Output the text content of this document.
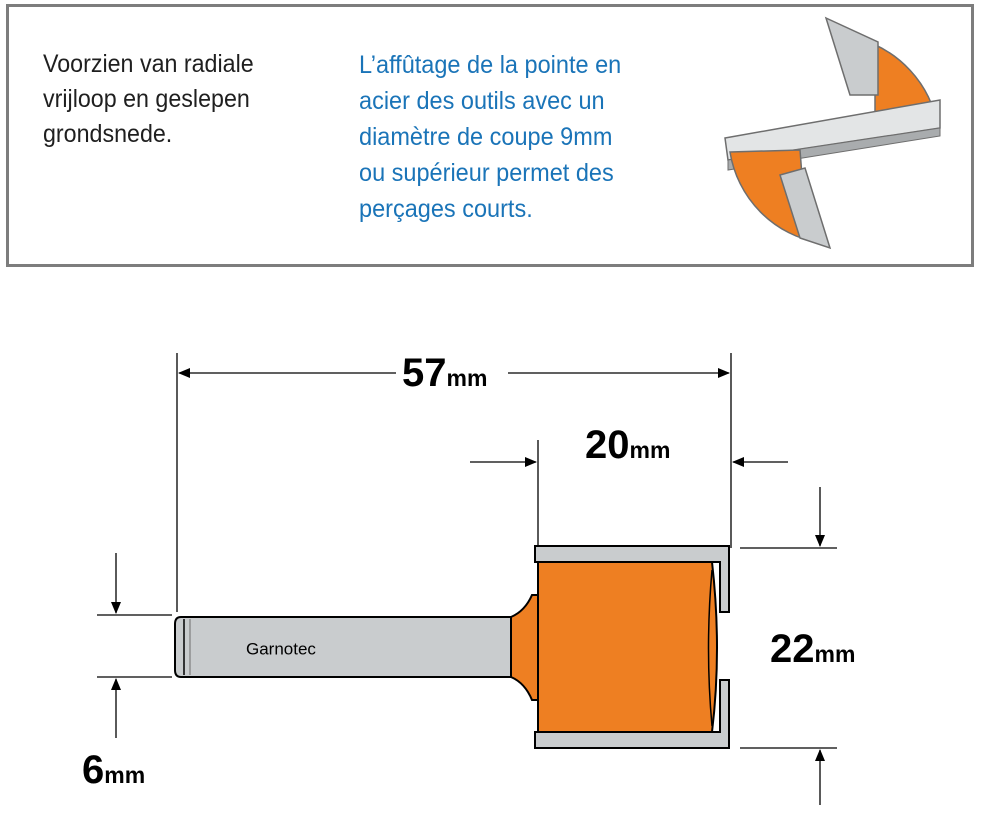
Voorzien van radiale
vrijloop en geslepen
grondsnede.
L’affûtage de la pointe en
acier des outils avec un
diamètre de coupe 9mm
ou supérieur permet des
perçages courts.
57mm
20mm
22mm
6mm
Garnotec
